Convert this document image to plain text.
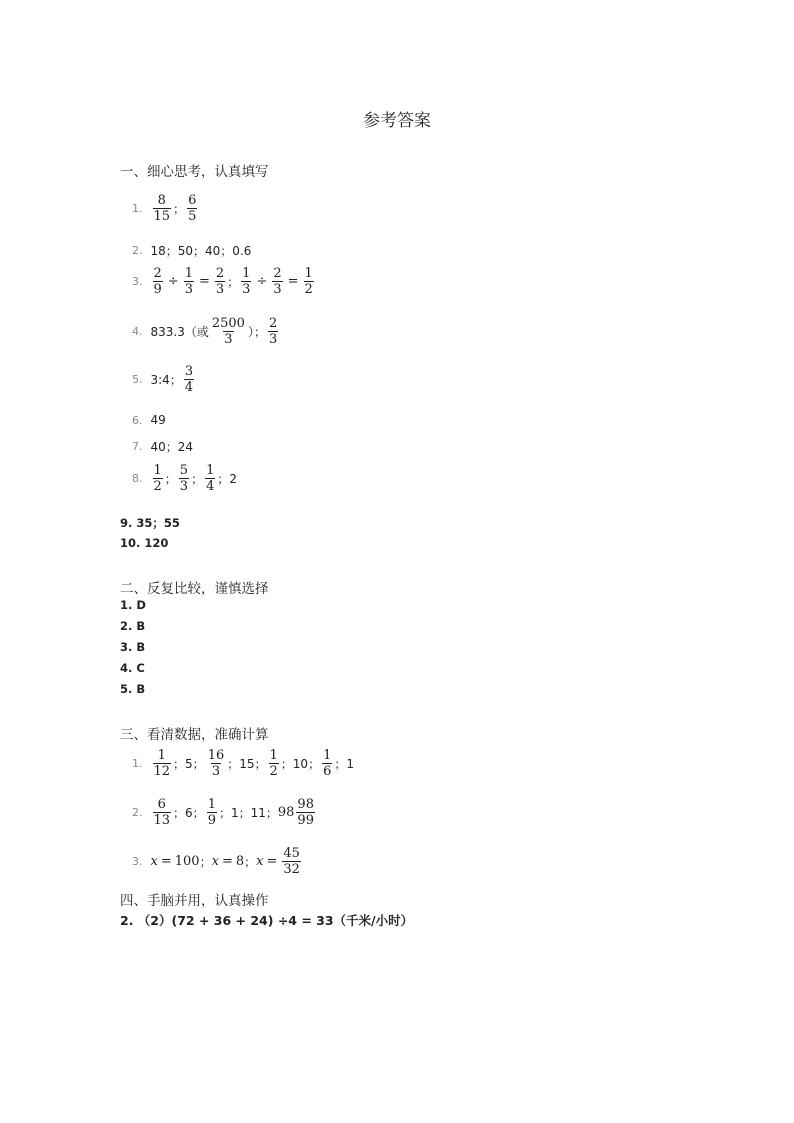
参考答案
一、细心思考，认真填写
1. $\frac{8}{15}$ ； $\frac{6}{5}$
2. 18；50；40；0.6
3. $\frac{2}{9} \div \frac{1}{3} = \frac{2}{3}$ ； $\frac{1}{3} \div \frac{2}{3} = \frac{1}{2}$
4. 833.3（或 $\frac{2500}{3}$ ）； $\frac{2}{3}$
5. 3:4； $\frac{3}{4}$
6. 49
7. 40；24
8. $\frac{1}{2}$ ； $\frac{5}{3}$ ； $\frac{1}{4}$ ；2
9. 35；55
10. 120
二、反复比较，谨慎选择
1. D
2. B
3. B
4. C
5. B
三、看清数据，准确计算
1. $\frac{1}{12}$ ；5； $\frac{16}{3}$ ；15； $\frac{1}{2}$ ；10； $\frac{1}{6}$ ；1
2. $\frac{6}{13}$ ；6； $\frac{1}{9}$ ；1；11； $98 \frac{98}{99}$
3. x = 100 ； x = 8 ； $x = \frac{45}{32}$
四、手脑并用，认真操作
2. （2）(72 + 36 + 24) ÷4 = 33（千米/小时）
